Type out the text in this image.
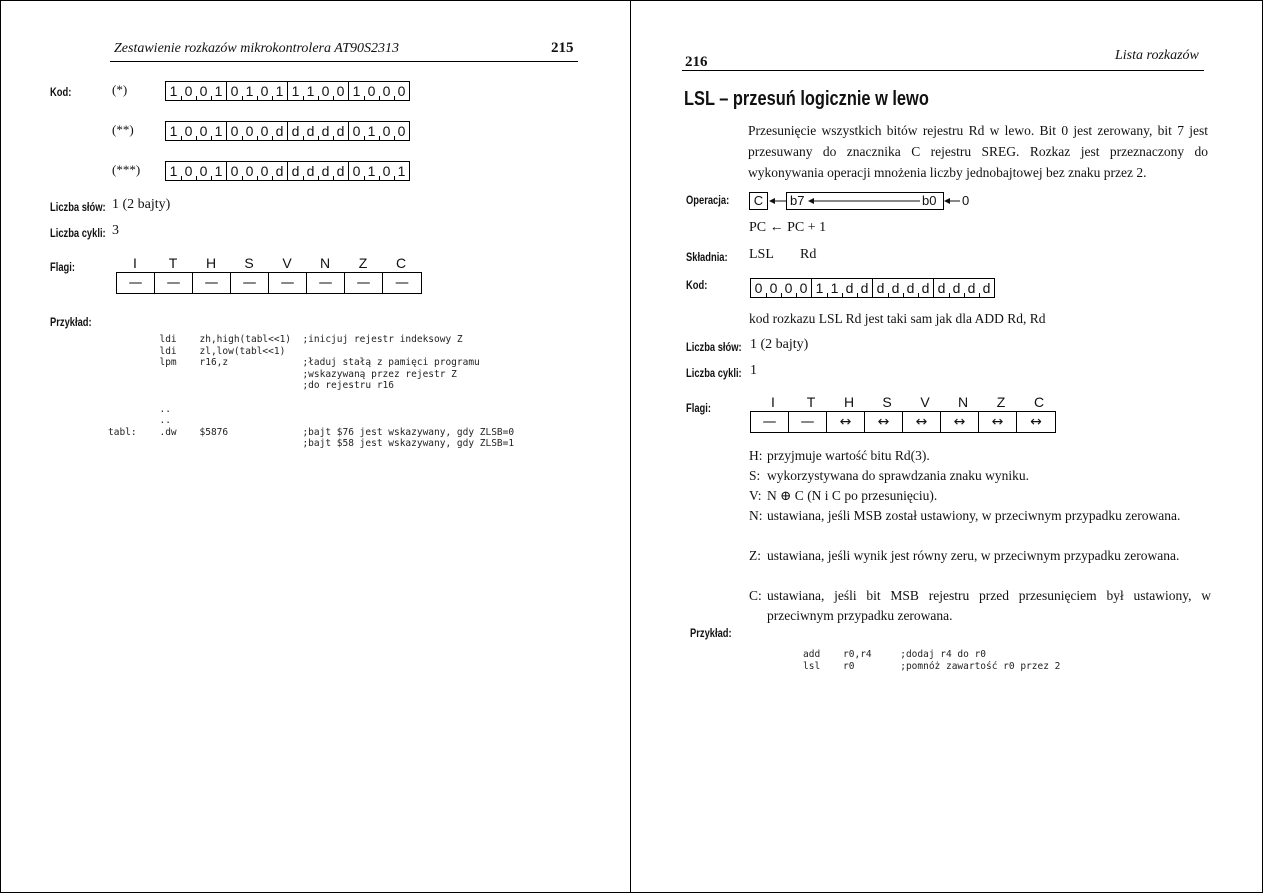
Zestawienie rozkazów mikrokontrolera AT90S2313	215
Kod:	(*)	1 0 0 1 0 1 0 1 1 1 0 0 1 0 0 0
(**)	1 0 0 1 0 0 0 d d d d d 0 1 0 0
(***) 1 0 0 1 0 0 0 d d d d d 0 1 0 1
Liczba słów: 1 (2 bajty)
Liczba cykli: 3
Flagi:	I	T	H	S	V	N	Z	C
—	—	—	—	—	—	—	—
Przykład:
ldi    zh,high(tabl<<1)  ;inicjuj rejestr indeksowy Z
ldi    zl,low(tabl<<1)
lpm    r16,z             ;ładuj stałą z pamięci programu
;wskazywaną przez rejestr Z
;do rejestru r16
..
..
tabl:    .dw    $5876             ;bajt $76 jest wskazywany, gdy ZLSB=0
;bajt $58 jest wskazywany, gdy ZLSB=1
216	Lista rozkazów
LSL – przesuń logicznie w lewo
Przesunięcie wszystkich bitów rejestru Rd w lewo. Bit 0 jest zerowany, bit 7 jest przesuwany do znacznika C rejestru SREG. Rozkaz jest przeznaczony do wykonywania operacji mnożenia liczby jednobajtowej bez znaku przez 2.
Operacja:	C	b7	b0 0
PC ← PC + 1
Składnia: LSL Rd
Kod:	0 0 0 0 1 1 d d d d d d d d d d
kod rozkazu LSL Rd jest taki sam jak dla ADD Rd, Rd
Liczba słów: 1 (2 bajty)
Liczba cykli: 1
Flagi:	I	T	H	S	V	N	Z	C
—	—	↔	↔	↔	↔	↔	↔
H: przyjmuje wartość bitu Rd(3).
S: wykorzystywana do sprawdzania znaku wyniku.
V: N ⊕ C (N i C po przesunięciu).
N: ustawiana, jeśli MSB został ustawiony, w przeciwnym przypadku zerowana.
Z: ustawiana, jeśli wynik jest równy zeru, w przeciwnym przypadku zerowana.
C: ustawiana, jeśli bit MSB rejestru przed przesunięciem był ustawiony, w przeciwnym przypadku zerowana.
Przykład:
add    r0,r4     ;dodaj r4 do r0
lsl    r0        ;pomnóż zawartość r0 przez 2
